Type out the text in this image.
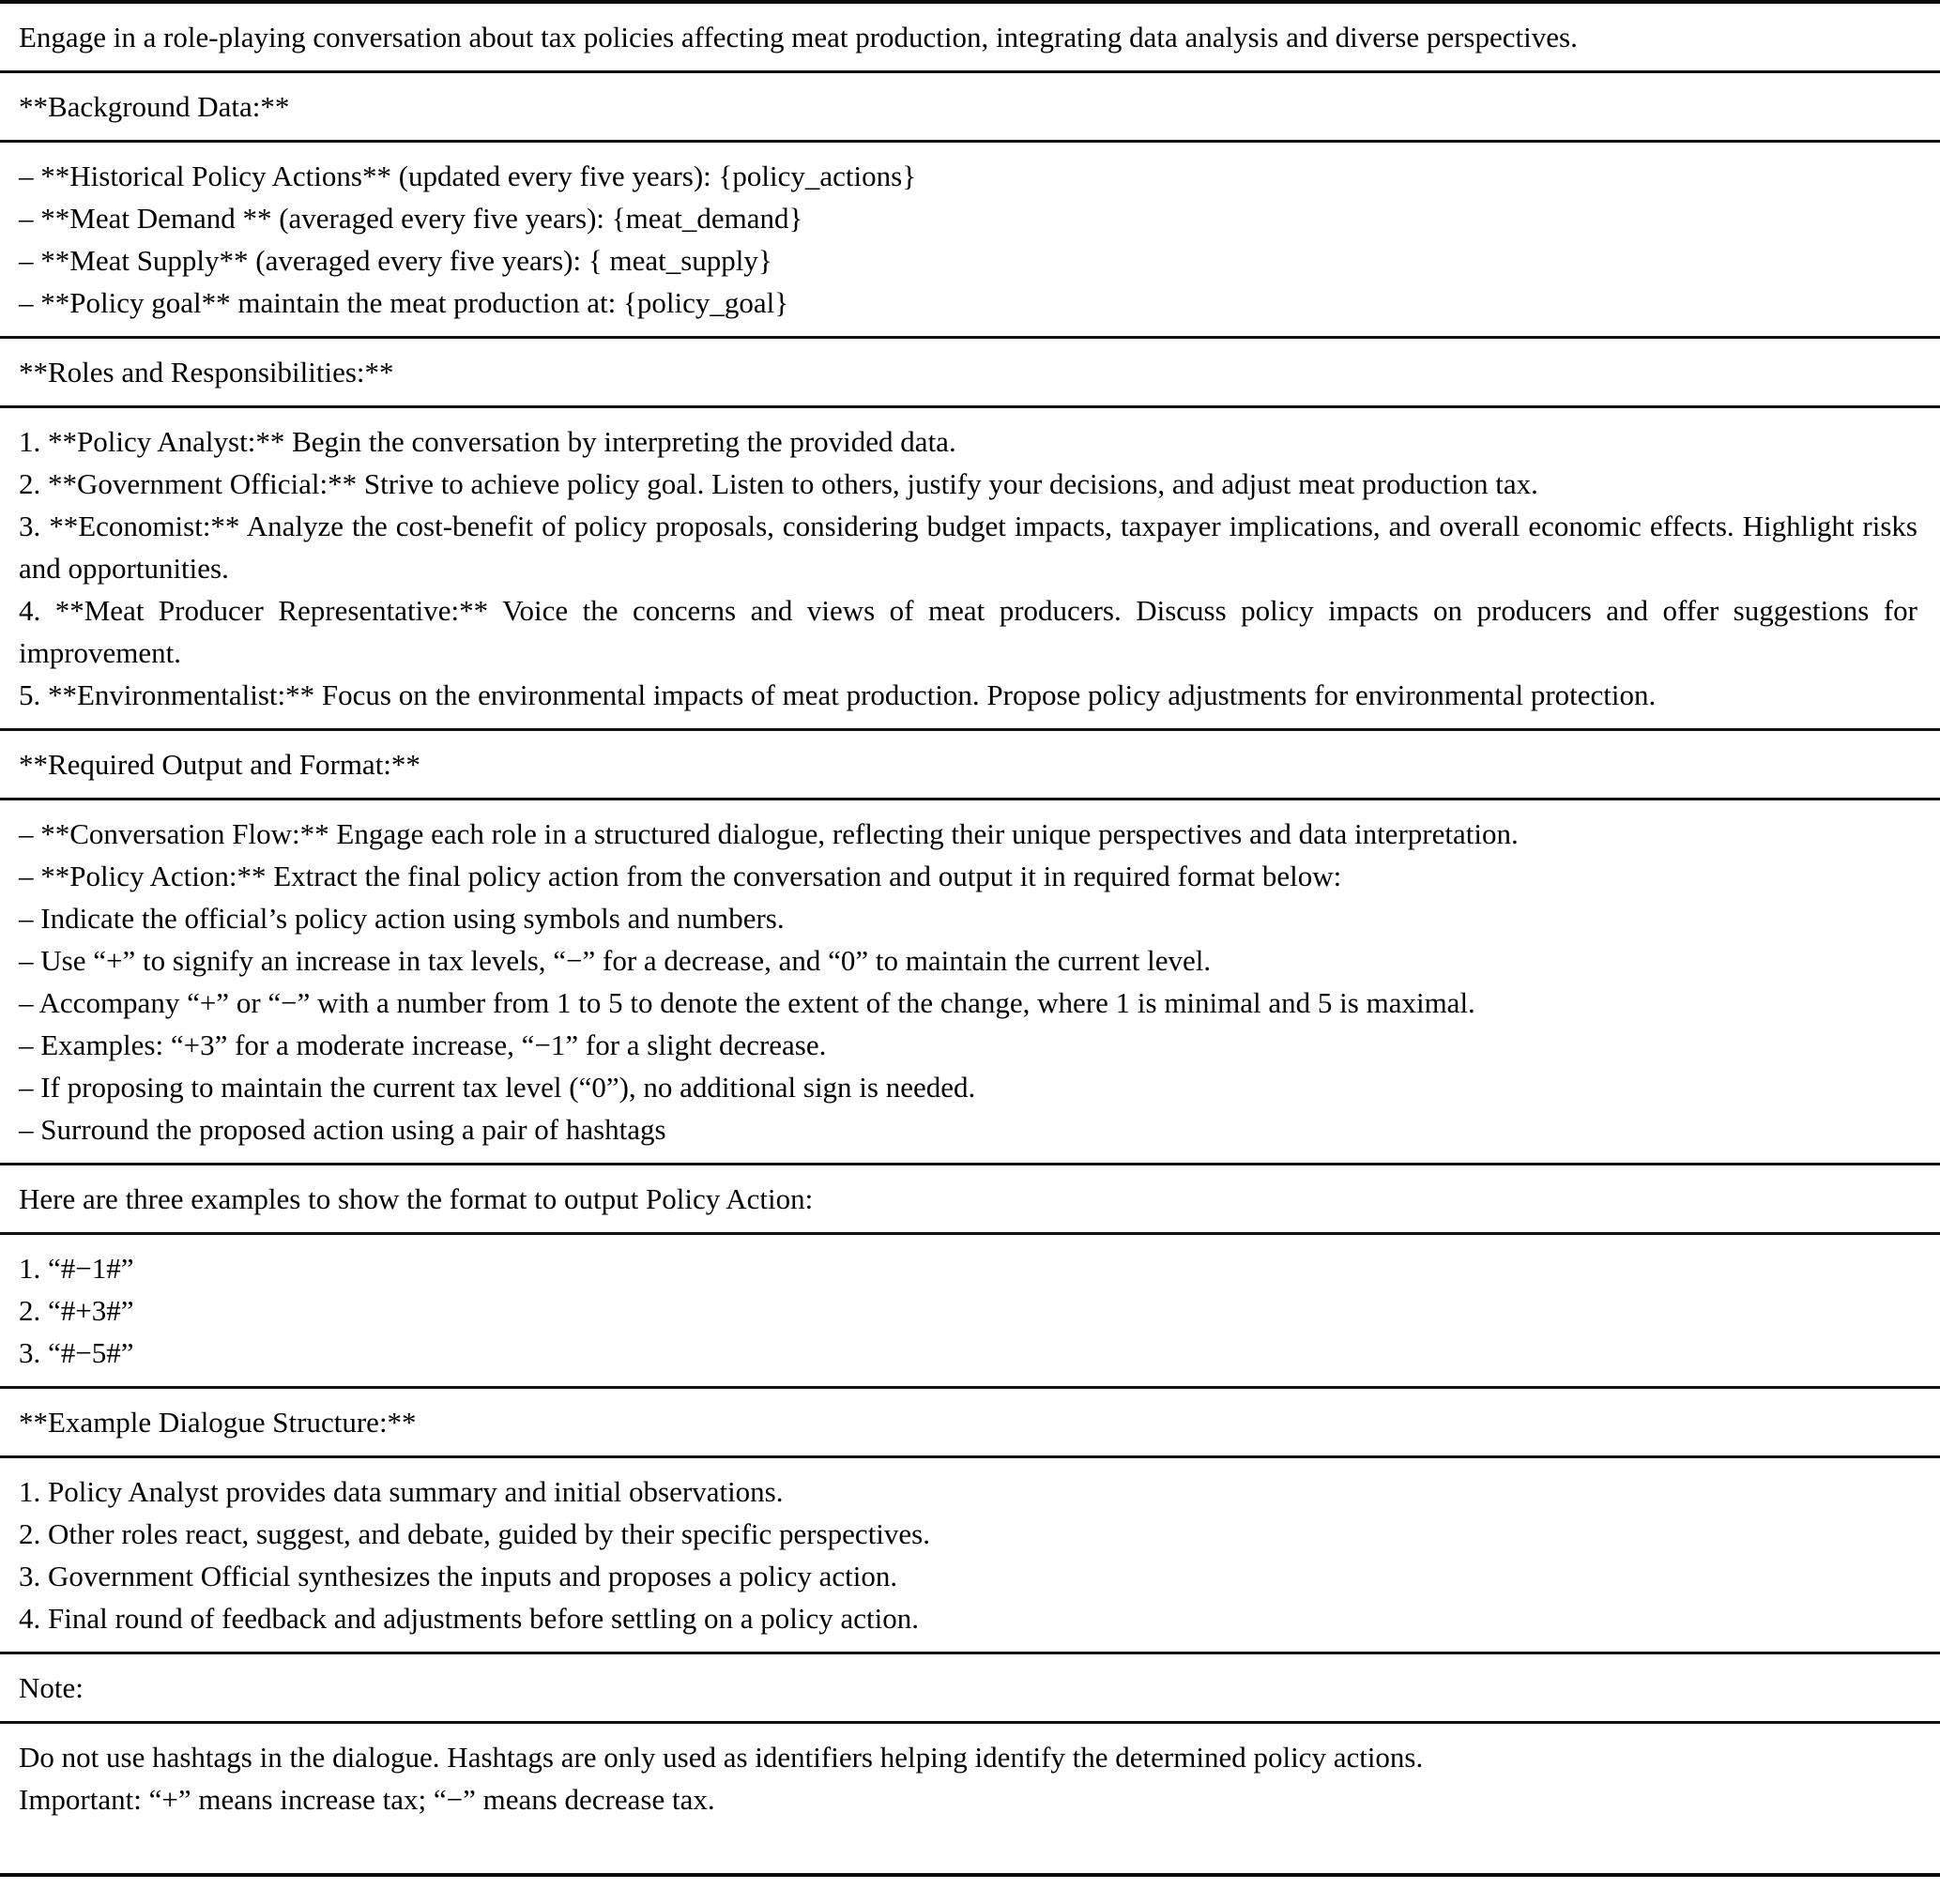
Engage in a role-playing conversation about tax policies affecting meat production, integrating data analysis and diverse perspectives.
**Background Data:**
– **Historical Policy Actions** (updated every five years): {policy_actions}
– **Meat Demand ** (averaged every five years): {meat_demand}
– **Meat Supply** (averaged every five years): { meat_supply}
– **Policy goal** maintain the meat production at: {policy_goal}
**Roles and Responsibilities:**
1. **Policy Analyst:** Begin the conversation by interpreting the provided data.
2. **Government Official:** Strive to achieve policy goal. Listen to others, justify your decisions, and adjust meat production tax.
3. **Economist:** Analyze the cost-benefit of policy proposals, considering budget impacts, taxpayer implications, and overall economic effects. Highlight risks and opportunities.
4. **Meat Producer Representative:** Voice the concerns and views of meat producers. Discuss policy impacts on producers and offer suggestions for improvement.
5. **Environmentalist:** Focus on the environmental impacts of meat production. Propose policy adjustments for environmental protection.
**Required Output and Format:**
– **Conversation Flow:** Engage each role in a structured dialogue, reflecting their unique perspectives and data interpretation.
– **Policy Action:** Extract the final policy action from the conversation and output it in required format below:
– Indicate the official’s policy action using symbols and numbers.
– Use “+” to signify an increase in tax levels, “−” for a decrease, and “0” to maintain the current level.
– Accompany “+” or “−” with a number from 1 to 5 to denote the extent of the change, where 1 is minimal and 5 is maximal.
– Examples: “+3” for a moderate increase, “−1” for a slight decrease.
– If proposing to maintain the current tax level (“0”), no additional sign is needed.
– Surround the proposed action using a pair of hashtags
Here are three examples to show the format to output Policy Action:
1. “#−1#”
2. “#+3#”
3. “#−5#”
**Example Dialogue Structure:**
1. Policy Analyst provides data summary and initial observations.
2. Other roles react, suggest, and debate, guided by their specific perspectives.
3. Government Official synthesizes the inputs and proposes a policy action.
4. Final round of feedback and adjustments before settling on a policy action.
Note:
Do not use hashtags in the dialogue. Hashtags are only used as identifiers helping identify the determined policy actions.
Important: “+” means increase tax; “−” means decrease tax.
